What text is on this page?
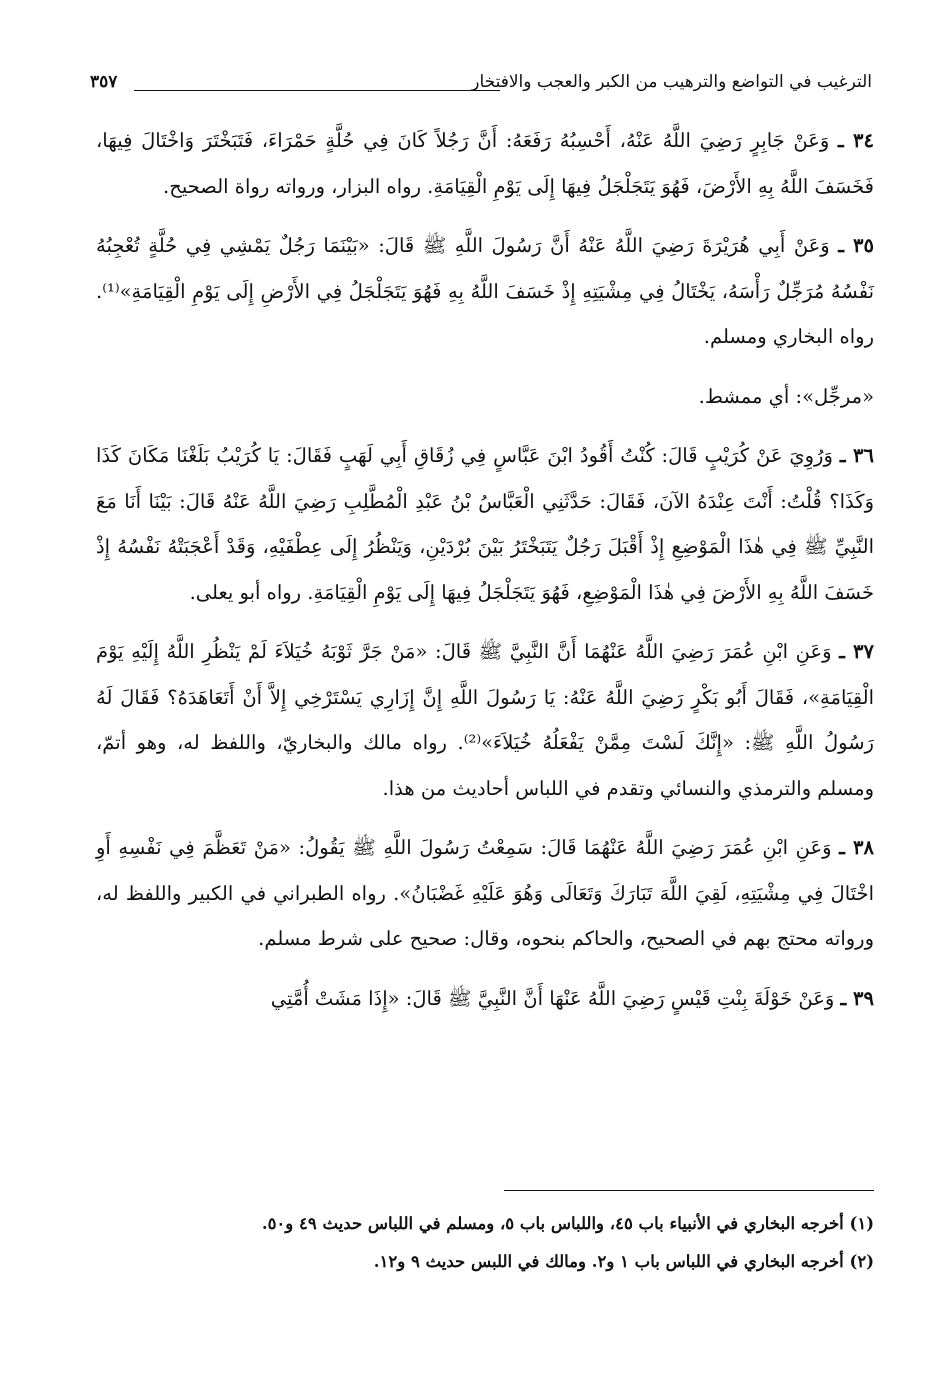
الترغيب في التواضع والترهيب من الكبر والعجب والافتخار
٣٥٧

٣٤ ـ وَعَنْ جَابِرٍ رَضِيَ اللَّهُ عَنْهُ، أَحْسِبُهُ رَفَعَهُ: أَنَّ رَجُلاً كَانَ فِي حُلَّةٍ حَمْرَاءَ، فَتَبَخْتَرَ وَاخْتَالَ فِيهَا، فَخَسَفَ اللَّهُ بِهِ الأَرْضَ، فَهُوَ يَتَجَلْجَلُ فِيهَا إِلَى يَوْمِ الْقِيَامَةِ. رواه البزار، ورواته رواة الصحيح.

٣٥ ـ وَعَنْ أَبِي هُرَيْرَةَ رَضِيَ اللَّهُ عَنْهُ أَنَّ رَسُولَ اللَّهِ ﷺ قَالَ: «بَيْنَمَا رَجُلٌ يَمْشِي فِي حُلَّةٍ تُعْجِبُهُ نَفْسُهُ مُرَجِّلٌ رَأْسَهُ، يَخْتَالُ فِي مِشْيَتِهِ إِذْ خَسَفَ اللَّهُ بِهِ فَهُوَ يَتَجَلْجَلُ فِي الأَرْضِ إِلَى يَوْمِ الْقِيَامَةِ»⁽¹⁾. رواه البخاري ومسلم.

«مرجِّل»: أي ممشط.

٣٦ ـ وَرُوِيَ عَنْ كُرَيْبٍ قَالَ: كُنْتُ أَقُودُ ابْنَ عَبَّاسٍ فِي زُقَاقِ أَبِي لَهَبٍ فَقَالَ: يَا كُرَيْبُ بَلَغْنَا مَكَانَ كَذَا وَكَذَا؟ قُلْتُ: أَنْتَ عِنْدَهُ الآنَ، فَقَالَ: حَدَّثَنِي الْعَبَّاسُ بْنُ عَبْدِ الْمُطَّلِبِ رَضِيَ اللَّهُ عَنْهُ قَالَ: بَيْنَا أَنَا مَعَ النَّبِيِّ ﷺ فِي هٰذَا الْمَوْضِعِ إِذْ أَقْبَلَ رَجُلٌ يَتَبَخْتَرُ بَيْنَ بُرْدَيْنِ، وَيَنْظُرُ إِلَى عِطْفَيْهِ، وَقَدْ أَعْجَبَتْهُ نَفْسُهُ إِذْ خَسَفَ اللَّهُ بِهِ الأَرْضَ فِي هٰذَا الْمَوْضِعِ، فَهُوَ يَتَجَلْجَلُ فِيهَا إِلَى يَوْمِ الْقِيَامَةِ. رواه أبو يعلى.

٣٧ ـ وَعَنِ ابْنِ عُمَرَ رَضِيَ اللَّهُ عَنْهُمَا أَنَّ النَّبِيَّ ﷺ قَالَ: «مَنْ جَرَّ ثَوْبَهُ خُيَلاَءَ لَمْ يَنْظُرِ اللَّهُ إِلَيْهِ يَوْمَ الْقِيَامَةِ»، فَقَالَ أَبُو بَكْرٍ رَضِيَ اللَّهُ عَنْهُ: يَا رَسُولَ اللَّهِ إِنَّ إِزَارِي يَسْتَرْخِي إِلاَّ أَنْ أَتَعَاهَدَهُ؟ فَقَالَ لَهُ رَسُولُ اللَّهِ ﷺ: «إِنَّكَ لَسْتَ مِمَّنْ يَفْعَلُهُ خُيَلاَءَ»⁽²⁾. رواه مالك والبخاريّ، واللفظ له، وهو أتمّ، ومسلم والترمذي والنسائي وتقدم في اللباس أحاديث من هذا.

٣٨ ـ وَعَنِ ابْنِ عُمَرَ رَضِيَ اللَّهُ عَنْهُمَا قَالَ: سَمِعْتُ رَسُولَ اللَّهِ ﷺ يَقُولُ: «مَنْ تَعَظَّمَ فِي نَفْسِهِ أَوِ اخْتَالَ فِي مِشْيَتِهِ، لَقِيَ اللَّهَ تَبَارَكَ وَتَعَالَى وَهُوَ عَلَيْهِ غَضْبَانُ». رواه الطبراني في الكبير واللفظ له، ورواته محتج بهم في الصحيح، والحاكم بنحوه، وقال: صحيح على شرط مسلم.

٣٩ ـ وَعَنْ خَوْلَةَ بِنْتِ قَيْسٍ رَضِيَ اللَّهُ عَنْهَا أَنَّ النَّبِيَّ ﷺ قَالَ: «إِذَا مَشَتْ أُمَّتِي

(١) أخرجه البخاري في الأنبياء باب ٤٥، واللباس باب ٥، ومسلم في اللباس حديث ٤٩ و٥٠.

(٢) أخرجه البخاري في اللباس باب ١ و٢. ومالك في اللبس حديث ٩ و١٢.
